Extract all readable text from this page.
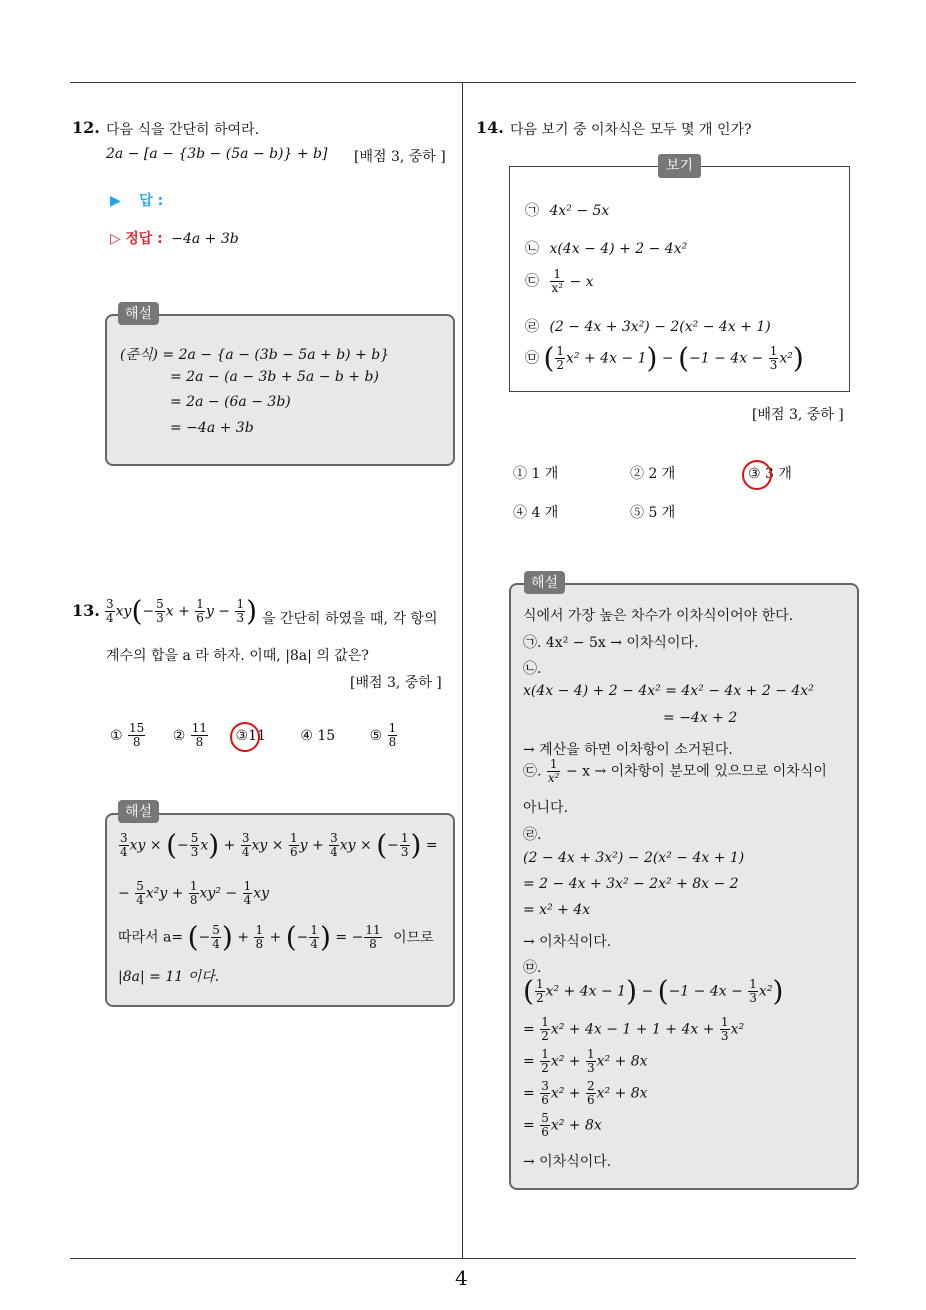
4
12. 다음 식을 간단히 하여라.
2a − [a − {3b − (5a − b)} + b] [배점 3, 중하 ]
▶ 답 :
▷ 정답 : −4a + 3b
해설
(준식) = 2a − {a − (3b − 5a + b) + b}
= 2a − (a − 3b + 5a − b + b)
= 2a − (6a − 3b)
= −4a + 3b
13. $\frac{3}{4} xy(- \frac{5}{3}$ $x + \frac{1}{6}$ $y - \frac{1}{3}$ ) 을 간단히 하였을 때, 각 항의
계수의 합을 a 라 하자. 이때, |8a| 의 값은?
[배점 3, 중하 ]
① $\frac{15}{8}$ ② $\frac{11}{8}$ ③11 ④ 15 ⑤ $\frac{1}{8}$
해설
$\frac{3}{4}$ xy × (− $\frac{5}{3} x) + \frac{3}{4}$ xy × $\frac{1}{6}$ $y + \frac{3}{4}$ xy × (− $\frac{1}{3}$ ) =
− $\frac{5}{4} x^2y + \frac{1}{8} xy^2 - \frac{1}{4}$ xy
따라서 a= (− $\frac{5}{4}$ ) + $\frac{1}{8}$ + (− $\frac{1}{4}$ ) = − $\frac{11}{8}$ 이므로
|8a| = 11 이다.
14. 다음 보기 중 이차식은 모두 몇 개 인가?
보기
㉠ 4x² − 5x
㉡ x(4x − 4) + 2 − 4x²
㉢ $\frac{1}{\text{x²}} - x$
㉣ (2 − 4x + 3x²) − 2(x² − 4x + 1)
㉤ ( $\frac{1}{2} x^2 + 4x - 1) - (-1 - 4x - \frac{1}{3} x^2)$
[배점 3, 중하 ]
① 1 개	② 2 개	③ 3 개
④ 4 개	⑤ 5 개
해설
식에서 가장 높은 차수가 이차식이어야 한다.
㉠. 4x² − 5x → 이차식이다.
㉡.
x(4x − 4) + 2 − 4x² = 4x² − 4x + 2 − 4x²
= −4x + 2
→ 계산을 하면 이차항이 소거된다.
㉢. $\frac{1}{\text{x²}} - x$ → 이차항이 분모에 있으므로 이차식이
아니다.
㉣.
(2 − 4x + 3x²) − 2(x² − 4x + 1)
= 2 − 4x + 3x² − 2x² + 8x − 2
= x² + 4x
→ 이차식이다.
㉤.
( $\frac{1}{2} x^2 + 4x - 1) - (-1 - 4x - \frac{1}{3} x^2)$
= $\frac{1}{2} x^2 + 4x - 1 + 1 + 4x + \frac{1}{3} x^2$
= $\frac{1}{2} x^2 + \frac{1}{3} x^2 + 8x$
= $\frac{3}{6} x^2 + \frac{2}{6} x^2 + 8x$
= $\frac{5}{6} x^2 + 8x$
→ 이차식이다.
